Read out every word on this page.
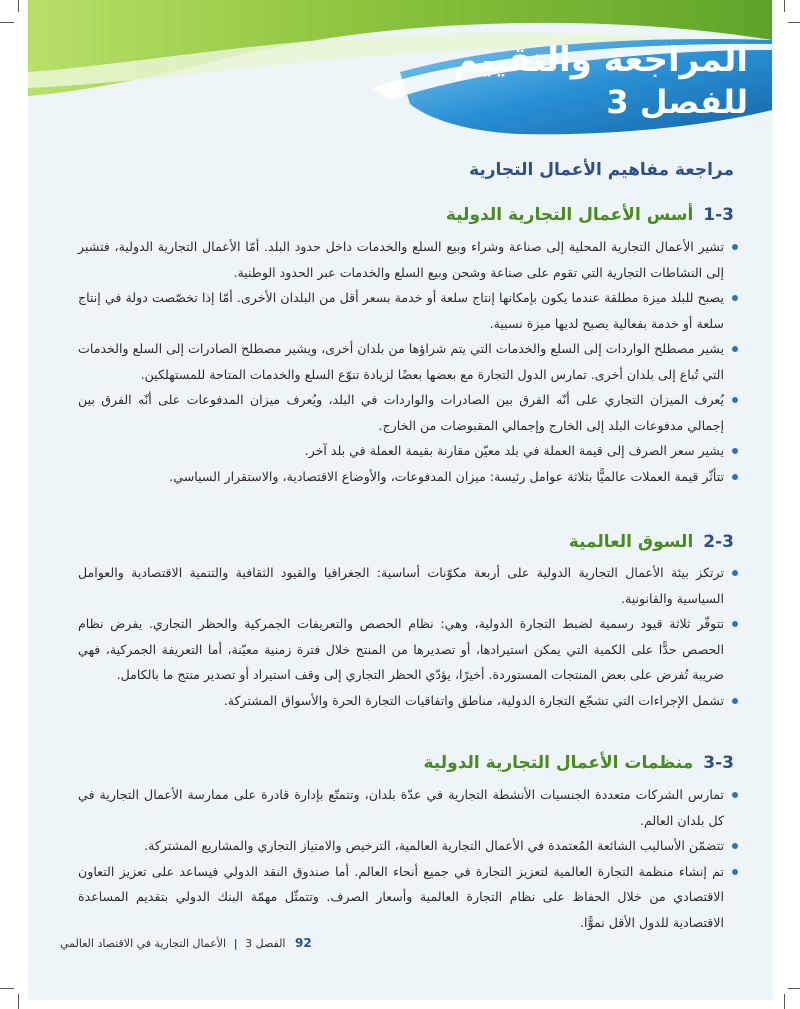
المراجعة والتقييم
للفصل 3
مراجعة مفاهيم الأعمال التجارية
1-3أسس الأعمال التجارية الدولية
تشير الأعمال التجارية المحلية إلى صناعة وشراء وبيع السلع والخدمات داخل حدود البلد. أمّا الأعمال التجارية الدولية، فتشير إلى النشاطات التجارية التي تقوم على صناعة وشحن وبيع السلع والخدمات عبر الحدود الوطنية.
يصبح للبلد ميزة مطلقة عندما يكون بإمكانها إنتاج سلعة أو خدمة بسعر أقل من البلدان الأخرى. أمّا إذا تخصّصت دولة في إنتاج سلعة أو خدمة بفعالية يصبح لديها ميزة نسبية.
يشير مصطلح الواردات إلى السلع والخدمات التي يتم شراؤها من بلدان أخرى، ويشير مصطلح الصادرات إلى السلع والخدمات التي تُباع إلى بلدان أخرى. تمارس الدول التجارة مع بعضها بعضًا لزيادة تنوّع السلع والخدمات المتاحة للمستهلكين.
يُعرف الميزان التجاري على أنّه الفرق بين الصادرات والواردات في البلد، ويُعرف ميزان المدفوعات على أنّه الفرق بين إجمالي مدفوعات البلد إلى الخارج وإجمالي المقبوضات من الخارج.
يشير سعر الصرف إلى قيمة العملة في بلد معيّن مقارنة بقيمة العملة في بلد آخر.
تتأثّر قيمة العملات عالميًّا بثلاثة عوامل رئيسة: ميزان المدفوعات، والأوضاع الاقتصادية، والاستقرار السياسي.
2-3السوق العالمية
ترتكز بيئة الأعمال التجارية الدولية على أربعة مكوّنات أساسية: الجغرافيا والقيود الثقافية والتنمية الاقتصادية والعوامل السياسية والقانونية.
تتوفّر ثلاثة قيود رسمية لضبط التجارة الدولية، وهي: نظام الحصص والتعريفات الجمركية والحظر التجاري. يفرض نظام الحصص حدًّا على الكمية التي يمكن استيرادها، أو تصديرها من المنتج خلال فترة زمنية معيّنة، أما التعريفة الجمركية، فهي ضريبة تُفرض على بعض المنتجات المستوردة. أخيرًا، يؤدّي الحظر التجاري إلى وقف استيراد أو تصدير منتج ما بالكامل.
تشمل الإجراءات التي تشجّع التجارة الدولية، مناطق واتفاقيات التجارة الحرة والأسواق المشتركة.
3-3منظمات الأعمال التجارية الدولية
تمارس الشركات متعددة الجنسيات الأنشطة التجارية في عدّة بلدان، وتتمتّع بإدارة قادرة على ممارسة الأعمال التجارية في كل بلدان العالم.
تتضمّن الأساليب الشائعة المُعتمدة في الأعمال التجارية العالمية، الترخيص والامتياز التجاري والمشاريع المشتركة.
تم إنشاء منظمة التجارة العالمية لتعزيز التجارة في جميع أنحاء العالم. أما صندوق النقد الدولي فيساعد على تعزيز التعاون الاقتصادي من خلال الحفاظ على نظام التجارة العالمية وأسعار الصرف. وتتمثّل مهمّة البنك الدولي بتقديم المساعدة الاقتصادية للدول الأقل نموًّا.
92 الفصل 3 | الأعمال التجارية في الاقتصاد العالمي
